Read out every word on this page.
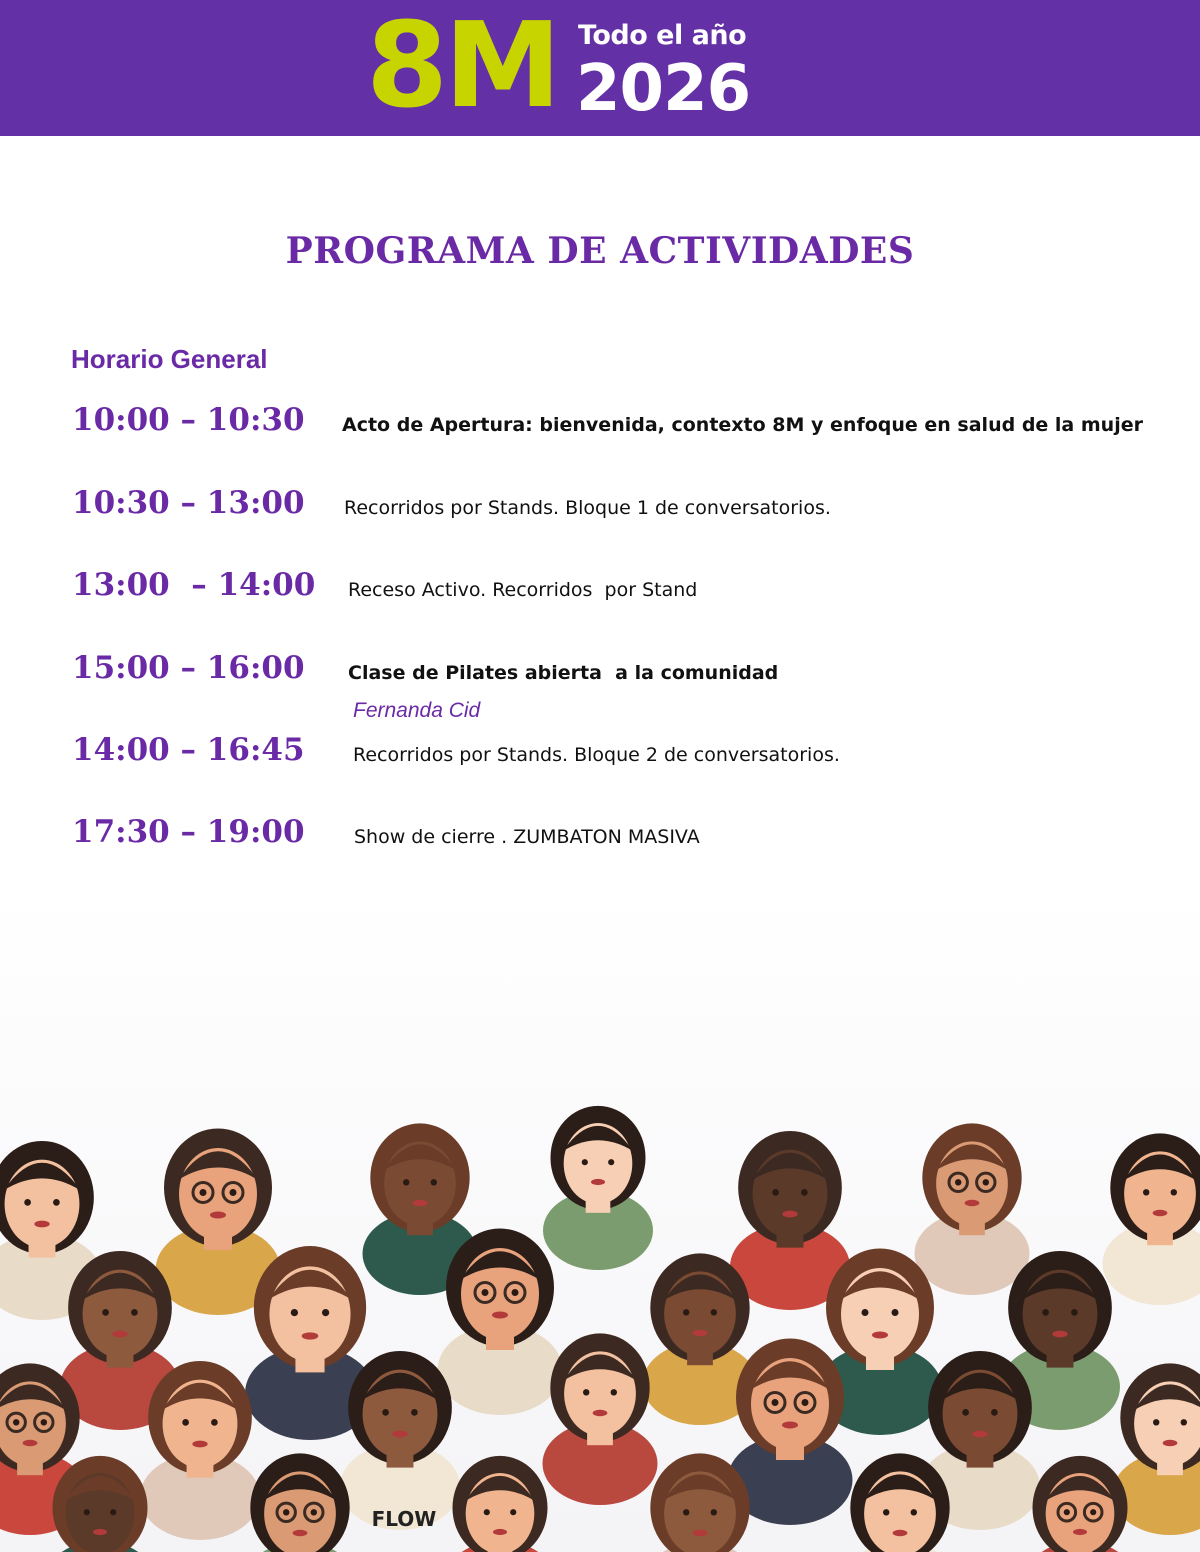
8M Todo el año
2026
PROGRAMA DE ACTIVIDADES
Horario General
10:00 – 10:30 Acto de Apertura: bienvenida, contexto 8M y enfoque en salud de la mujer
10:30 – 13:00 Recorridos por Stands. Bloque 1 de conversatorios.
13:00  – 14:00 Receso Activo. Recorridos  por Stand
15:00 – 16:00 Clase de Pilates abierta  a la comunidad
Fernanda Cid
14:00 – 16:45	Recorridos por Stands. Bloque 2 de conversatorios.
17:30 – 19:00	Show de cierre . ZUMBATON MASIVA
FLOW
